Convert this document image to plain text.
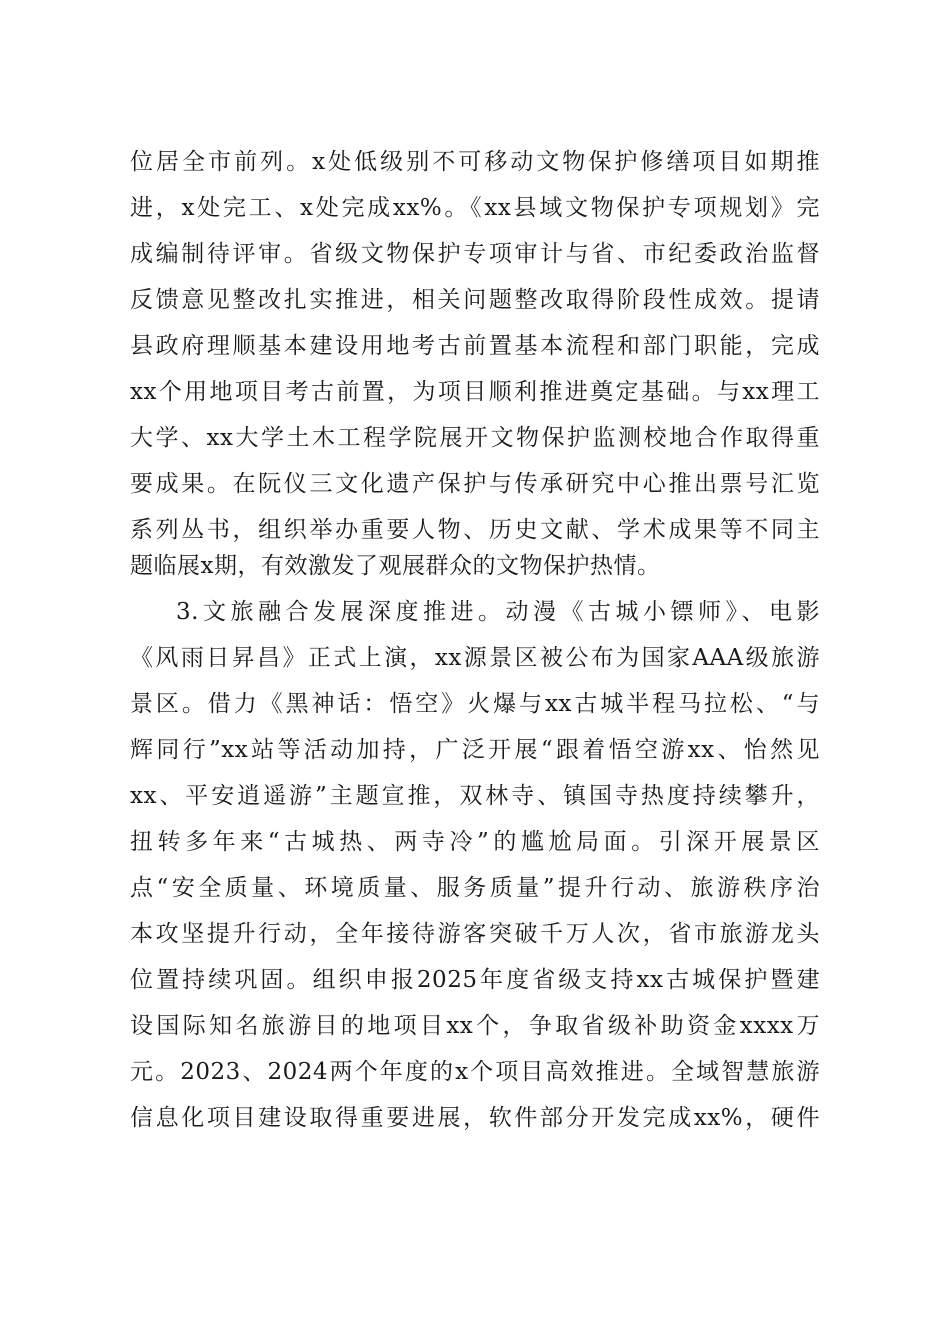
位居全市前列。x处低级别不可移动文物保护修缮项目如期推
进，x处完工、x处完成xx%。《xx县域文物保护专项规划》完
成编制待评审。省级文物保护专项审计与省、市纪委政治监督
反馈意见整改扎实推进，相关问题整改取得阶段性成效。提请
县政府理顺基本建设用地考古前置基本流程和部门职能，完成
xx个用地项目考古前置，为项目顺利推进奠定基础。与xx理工
大学、xx大学土木工程学院展开文物保护监测校地合作取得重
要成果。在阮仪三文化遗产保护与传承研究中心推出票号汇览
系列丛书，组织举办重要人物、历史文献、学术成果等不同主
题临展x期，有效激发了观展群众的文物保护热情。
3.文旅融合发展深度推进。动漫《古城小镖师》、电影
《风雨日昇昌》正式上演，xx源景区被公布为国家AAA级旅游
景区。借力《黑神话：悟空》火爆与xx古城半程马拉松、“与
辉同行”xx站等活动加持，广泛开展“跟着悟空游xx、怡然见
xx、平安逍遥游”主题宣推，双林寺、镇国寺热度持续攀升，
扭转多年来“古城热、两寺冷”的尴尬局面。引深开展景区
点“安全质量、环境质量、服务质量”提升行动、旅游秩序治
本攻坚提升行动，全年接待游客突破千万人次，省市旅游龙头
位置持续巩固。组织申报2025年度省级支持xx古城保护暨建
设国际知名旅游目的地项目xx个，争取省级补助资金xxxx万
元。2023、2024两个年度的x个项目高效推进。全域智慧旅游
信息化项目建设取得重要进展，软件部分开发完成xx%，硬件
